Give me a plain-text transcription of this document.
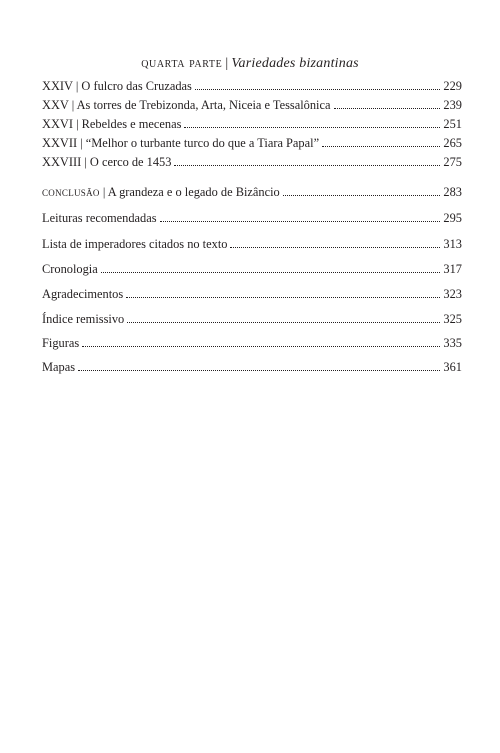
quarta parte | Variedades bizantinas
XXIV | O fulcro das Cruzadas	229
XXV | As torres de Trebizonda, Arta, Niceia e Tessalônica	239
XXVI | Rebeldes e mecenas	251
XXVII | “Melhor o turbante turco do que a Tiara Papal”	265
XXVIII | O cerco de 1453	275
conclusão | A grandeza e o legado de Bizâncio	283
Leituras recomendadas	295
Lista de imperadores citados no texto	313
Cronologia	317
Agradecimentos	323
Índice remissivo	325
Figuras	335
Mapas	361
